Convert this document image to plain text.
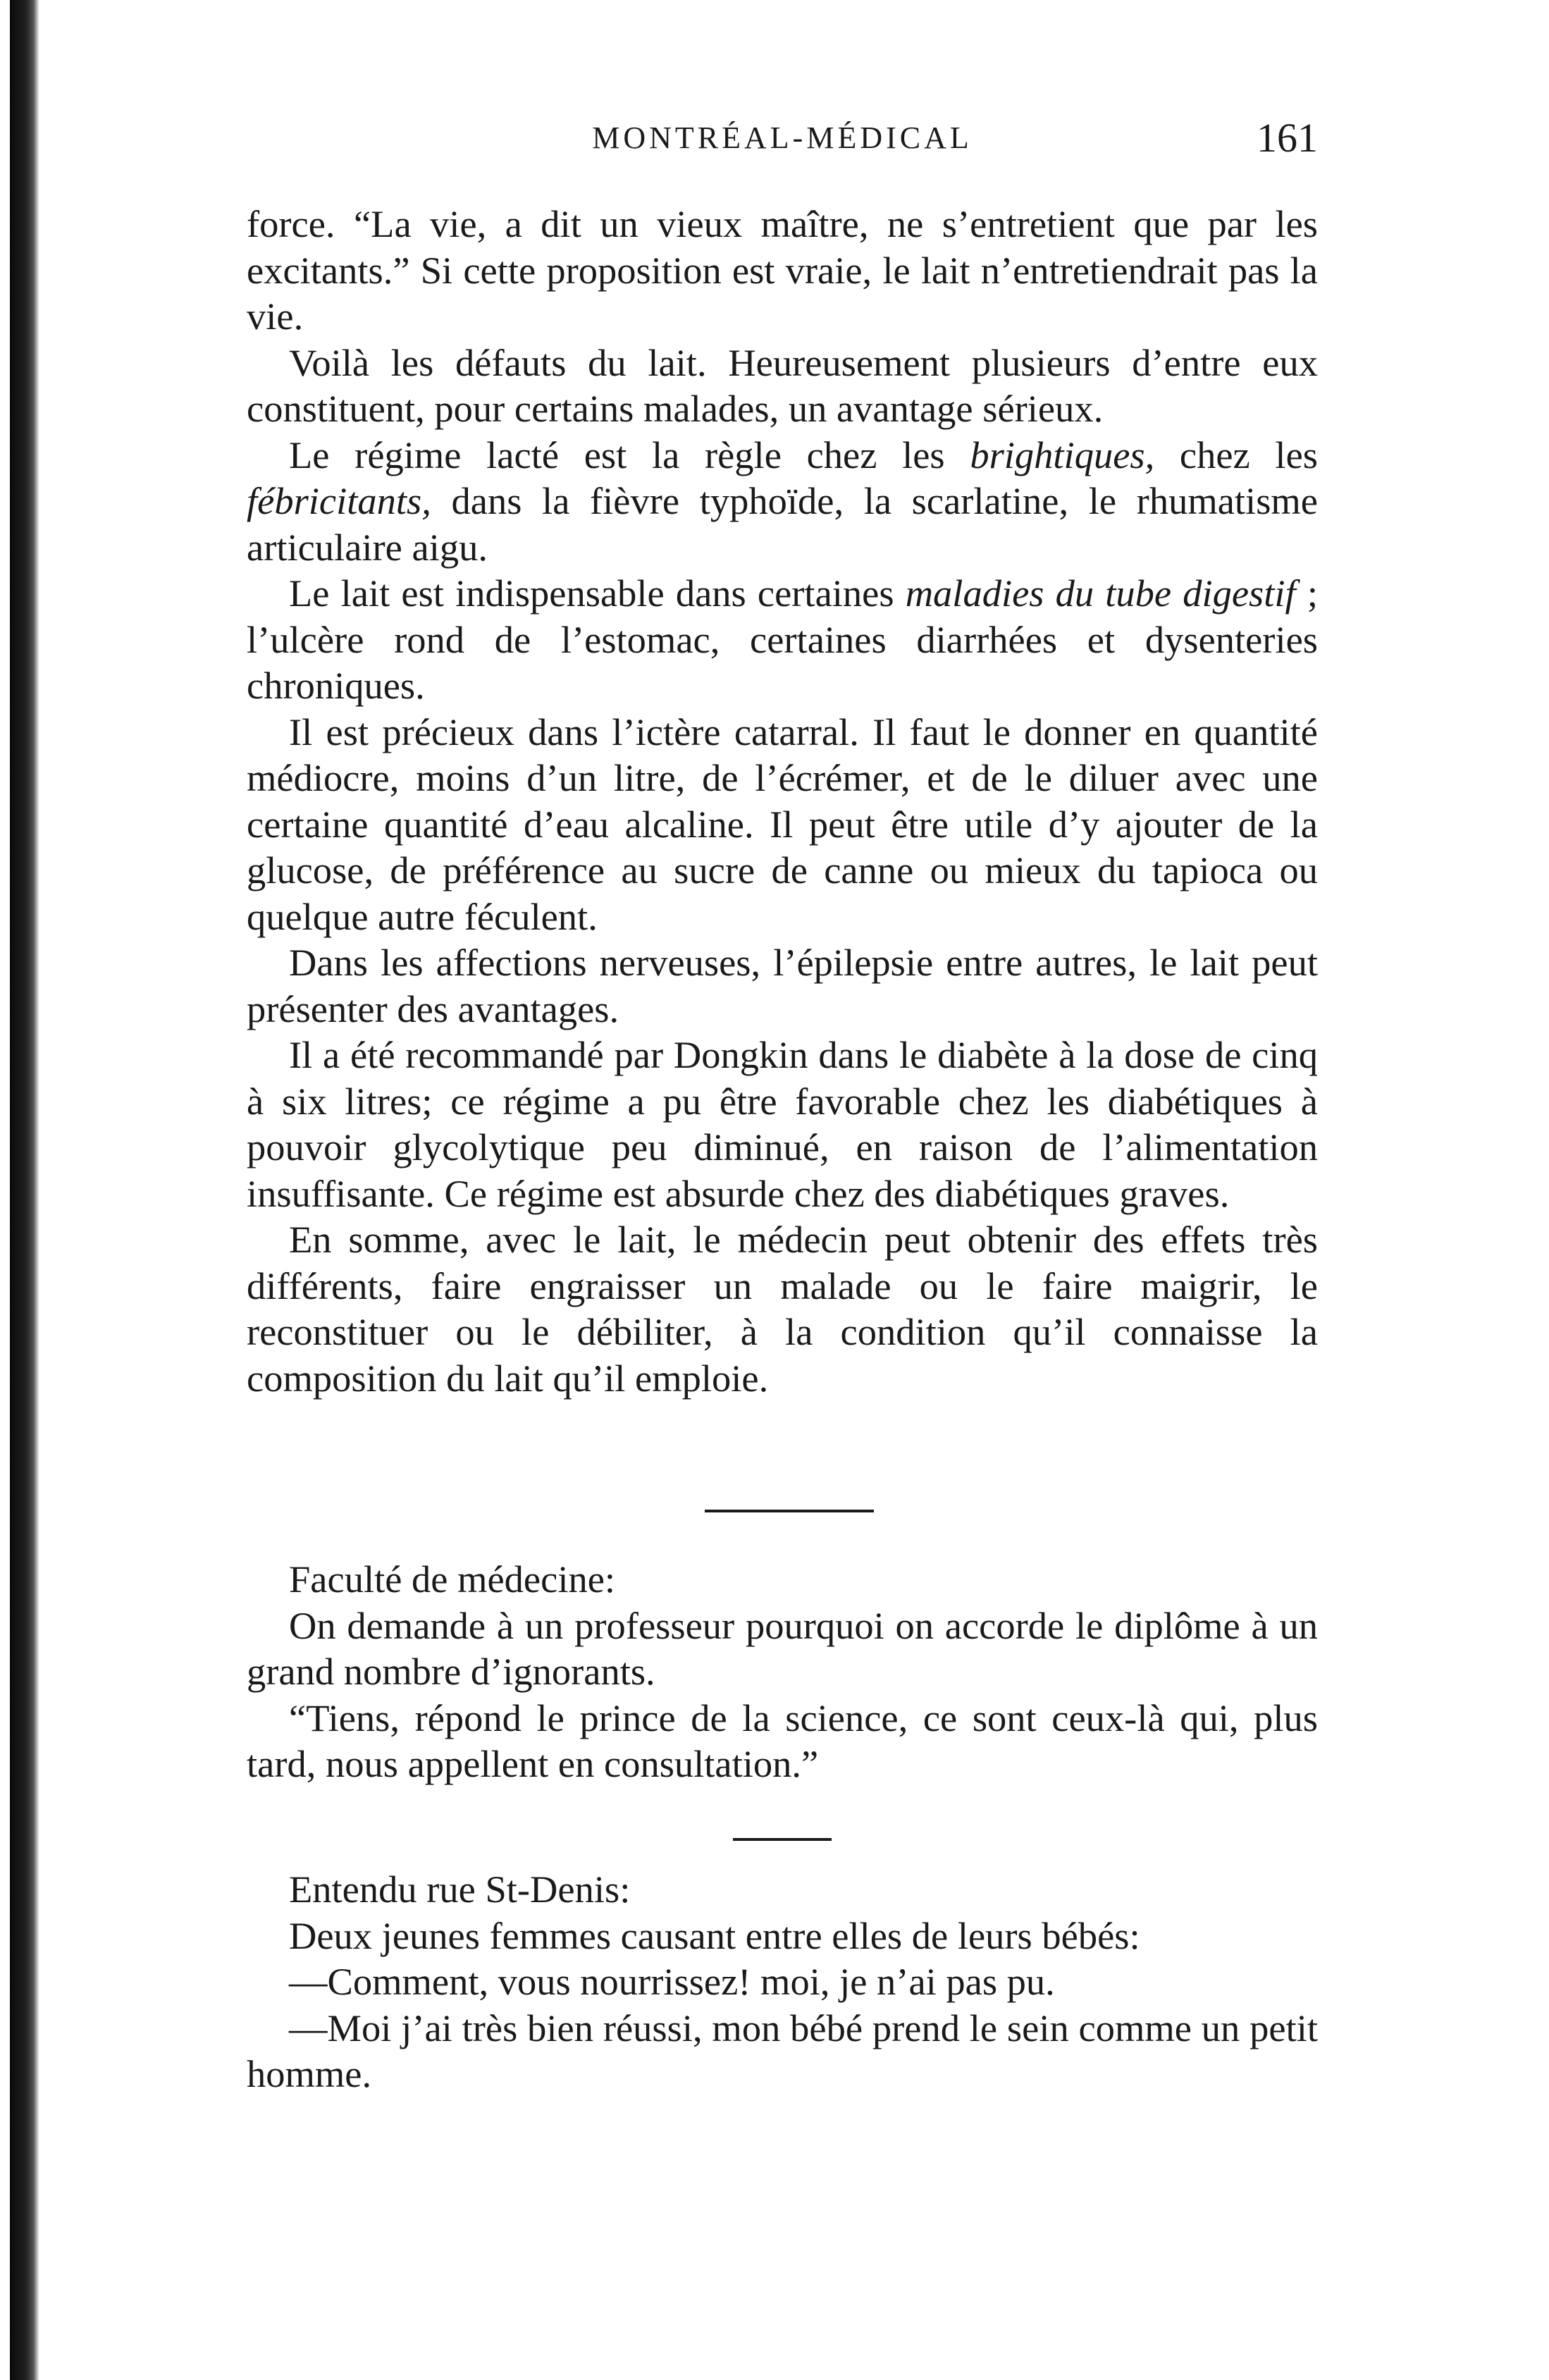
MONTRÉAL-MÉDICAL	161

force. “La vie, a dit un vieux maître, ne s’entretient que par les excitants.” Si cette proposition est vraie, le lait n’entretiendrait pas la vie.

Voilà les défauts du lait. Heureusement plusieurs d’entre eux constituent, pour certains malades, un avantage sérieux.

Le régime lacté est la règle chez les brightiques, chez les fébricitants, dans la fièvre typhoïde, la scarlatine, le rhumatisme articulaire aigu.

Le lait est indispensable dans certaines maladies du tube digestif ; l’ulcère rond de l’estomac, certaines diarrhées et dysenteries chroniques.

Il est précieux dans l’ictère catarral. Il faut le donner en quantité médiocre, moins d’un litre, de l’écrémer, et de le diluer avec une certaine quantité d’eau alcaline. Il peut être utile d’y ajouter de la glucose, de préférence au sucre de canne ou mieux du tapioca ou quelque autre féculent.

Dans les affections nerveuses, l’épilepsie entre autres, le lait peut présenter des avantages.

Il a été recommandé par Dongkin dans le diabète à la dose de cinq à six litres; ce régime a pu être favorable chez les diabétiques à pouvoir glycolytique peu diminué, en raison de l’alimentation insuffisante. Ce régime est absurde chez des diabétiques graves.

En somme, avec le lait, le médecin peut obtenir des effets très différents, faire engraisser un malade ou le faire maigrir, le reconstituer ou le débiliter, à la condition qu’il connaisse la composition du lait qu’il emploie.

Faculté de médecine:

On demande à un professeur pourquoi on accorde le diplôme à un grand nombre d’ignorants.

“Tiens, répond le prince de la science, ce sont ceux-là qui, plus tard, nous appellent en consultation.”

Entendu rue St-Denis:

Deux jeunes femmes causant entre elles de leurs bébés:

—Comment, vous nourrissez! moi, je n’ai pas pu.

—Moi j’ai très bien réussi, mon bébé prend le sein comme un petit homme.
